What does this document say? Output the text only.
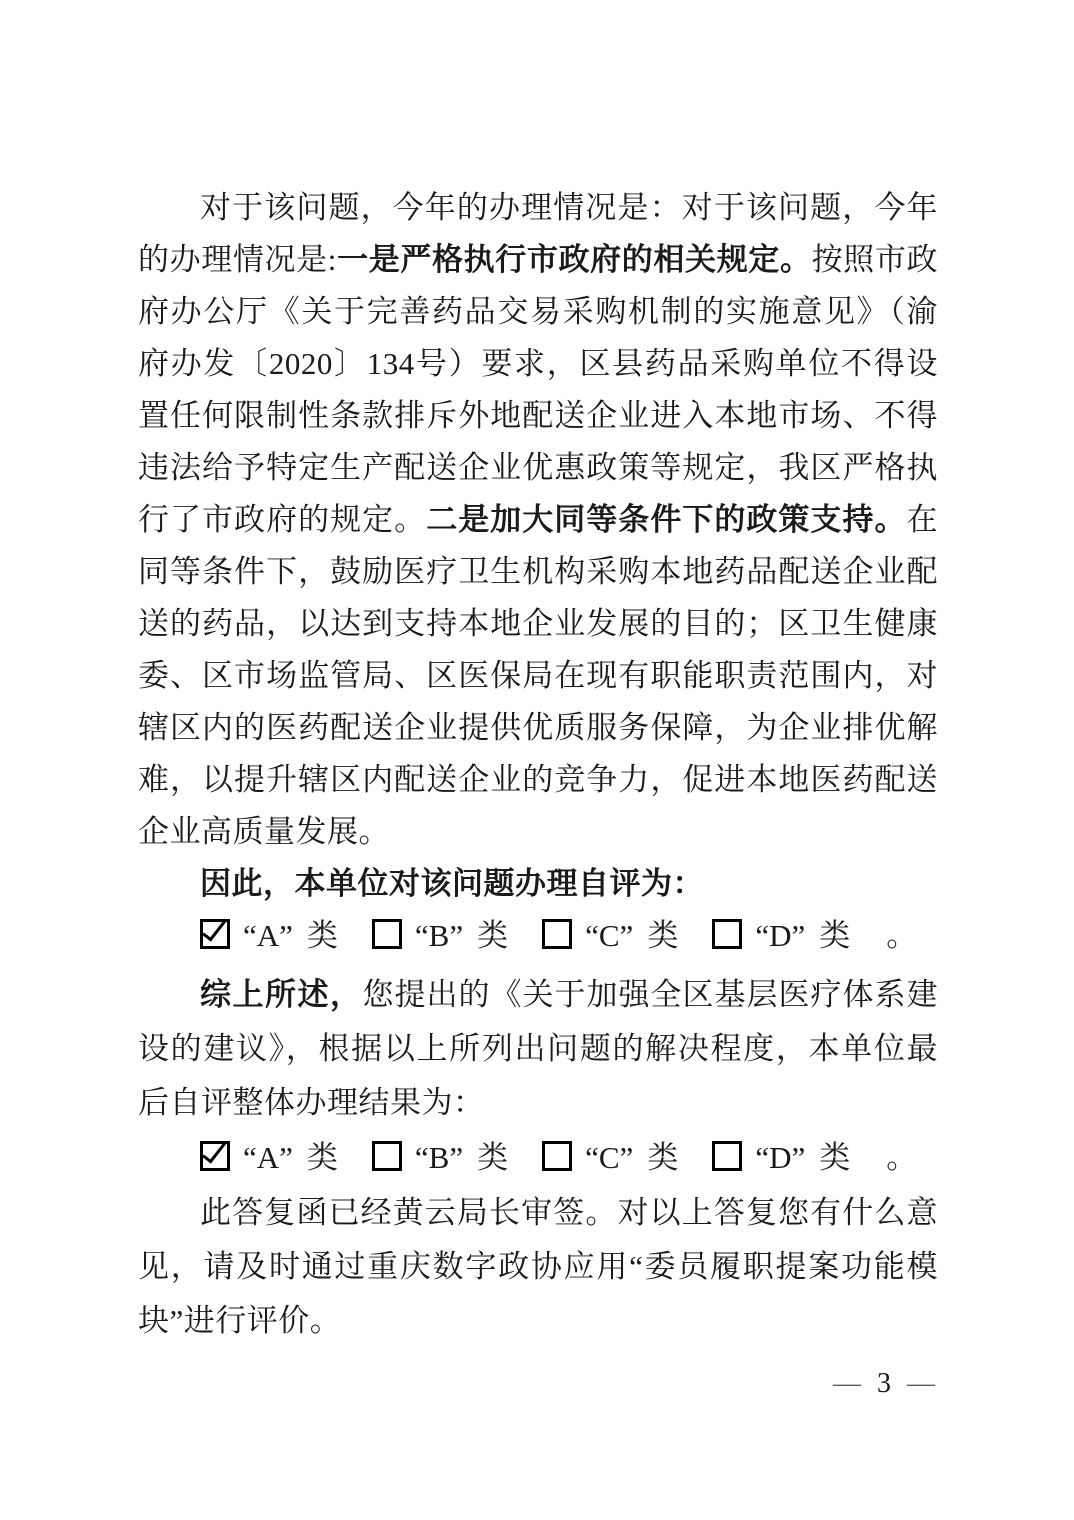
对于该问题，今年的办理情况是：对于该问题，今年的办理情况是:一是严格执行市政府的相关规定。按照市政府办公厅《关于完善药品交易采购机制的实施意见》（渝府办发〔2020〕134号）要求，区县药品采购单位不得设置任何限制性条款排斥外地配送企业进入本地市场、不得违法给予特定生产配送企业优惠政策等规定，我区严格执行了市政府的规定。二是加大同等条件下的政策支持。在同等条件下，鼓励医疗卫生机构采购本地药品配送企业配送的药品，以达到支持本地企业发展的目的；区卫生健康委、区市场监管局、区医保局在现有职能职责范围内，对辖区内的医药配送企业提供优质服务保障，为企业排优解难，以提升辖区内配送企业的竞争力，促进本地医药配送企业高质量发展。

因此，本单位对该问题办理自评为：

“A” 类 “B” 类 “C” 类 “D” 类 。

综上所述，您提出的《关于加强全区基层医疗体系建设的建议》，根据以上所列出问题的解决程度，本单位最后自评整体办理结果为：

“A” 类 “B” 类 “C” 类 “D” 类 。

此答复函已经黄云局长审签。对以上答复您有什么意见，请及时通过重庆数字政协应用“委员履职提案功能模块”进行评价。

— 3 —
